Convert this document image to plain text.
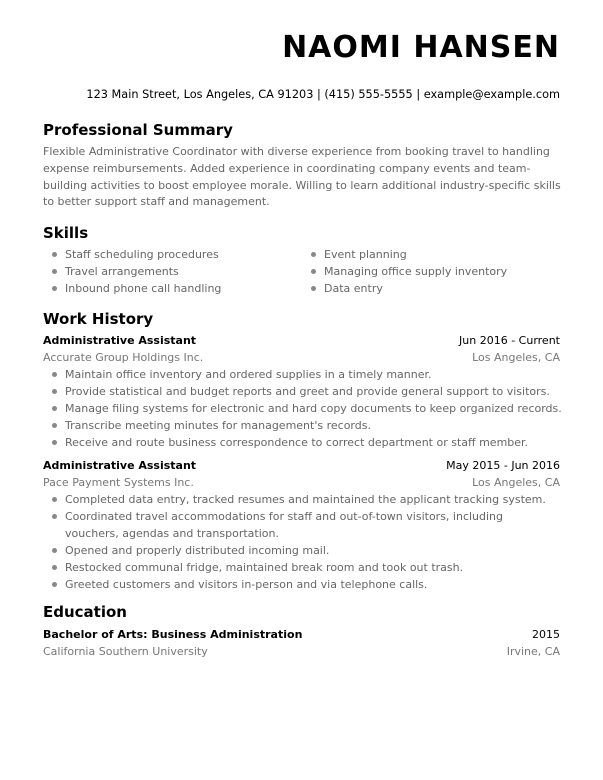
NAOMI HANSEN
123 Main Street, Los Angeles, CA 91203 | (415) 555-5555 | example@example.com
Professional Summary
Flexible Administrative Coordinator with diverse experience from booking travel to handling expense reimbursements. Added experience in coordinating company events and team-building activities to boost employee morale. Willing to learn additional industry-specific skills to better support staff and management.
Skills
Staff scheduling procedures
Travel arrangements
Inbound phone call handling
Event planning
Managing office supply inventory
Data entry
Work History
Administrative Assistant	Jun 2016 - Current
Accurate Group Holdings Inc.	Los Angeles, CA
Maintain office inventory and ordered supplies in a timely manner.
Provide statistical and budget reports and greet and provide general support to visitors.
Manage filing systems for electronic and hard copy documents to keep organized records.
Transcribe meeting minutes for management's records.
Receive and route business correspondence to correct department or staff member.
Administrative Assistant	May 2015 - Jun 2016
Pace Payment Systems Inc.	Los Angeles, CA
Completed data entry, tracked resumes and maintained the applicant tracking system.
Coordinated travel accommodations for staff and out-of-town visitors, including vouchers, agendas and transportation.
Opened and properly distributed incoming mail.
Restocked communal fridge, maintained break room and took out trash.
Greeted customers and visitors in-person and via telephone calls.
Education
Bachelor of Arts: Business Administration	2015
California Southern University	Irvine, CA
